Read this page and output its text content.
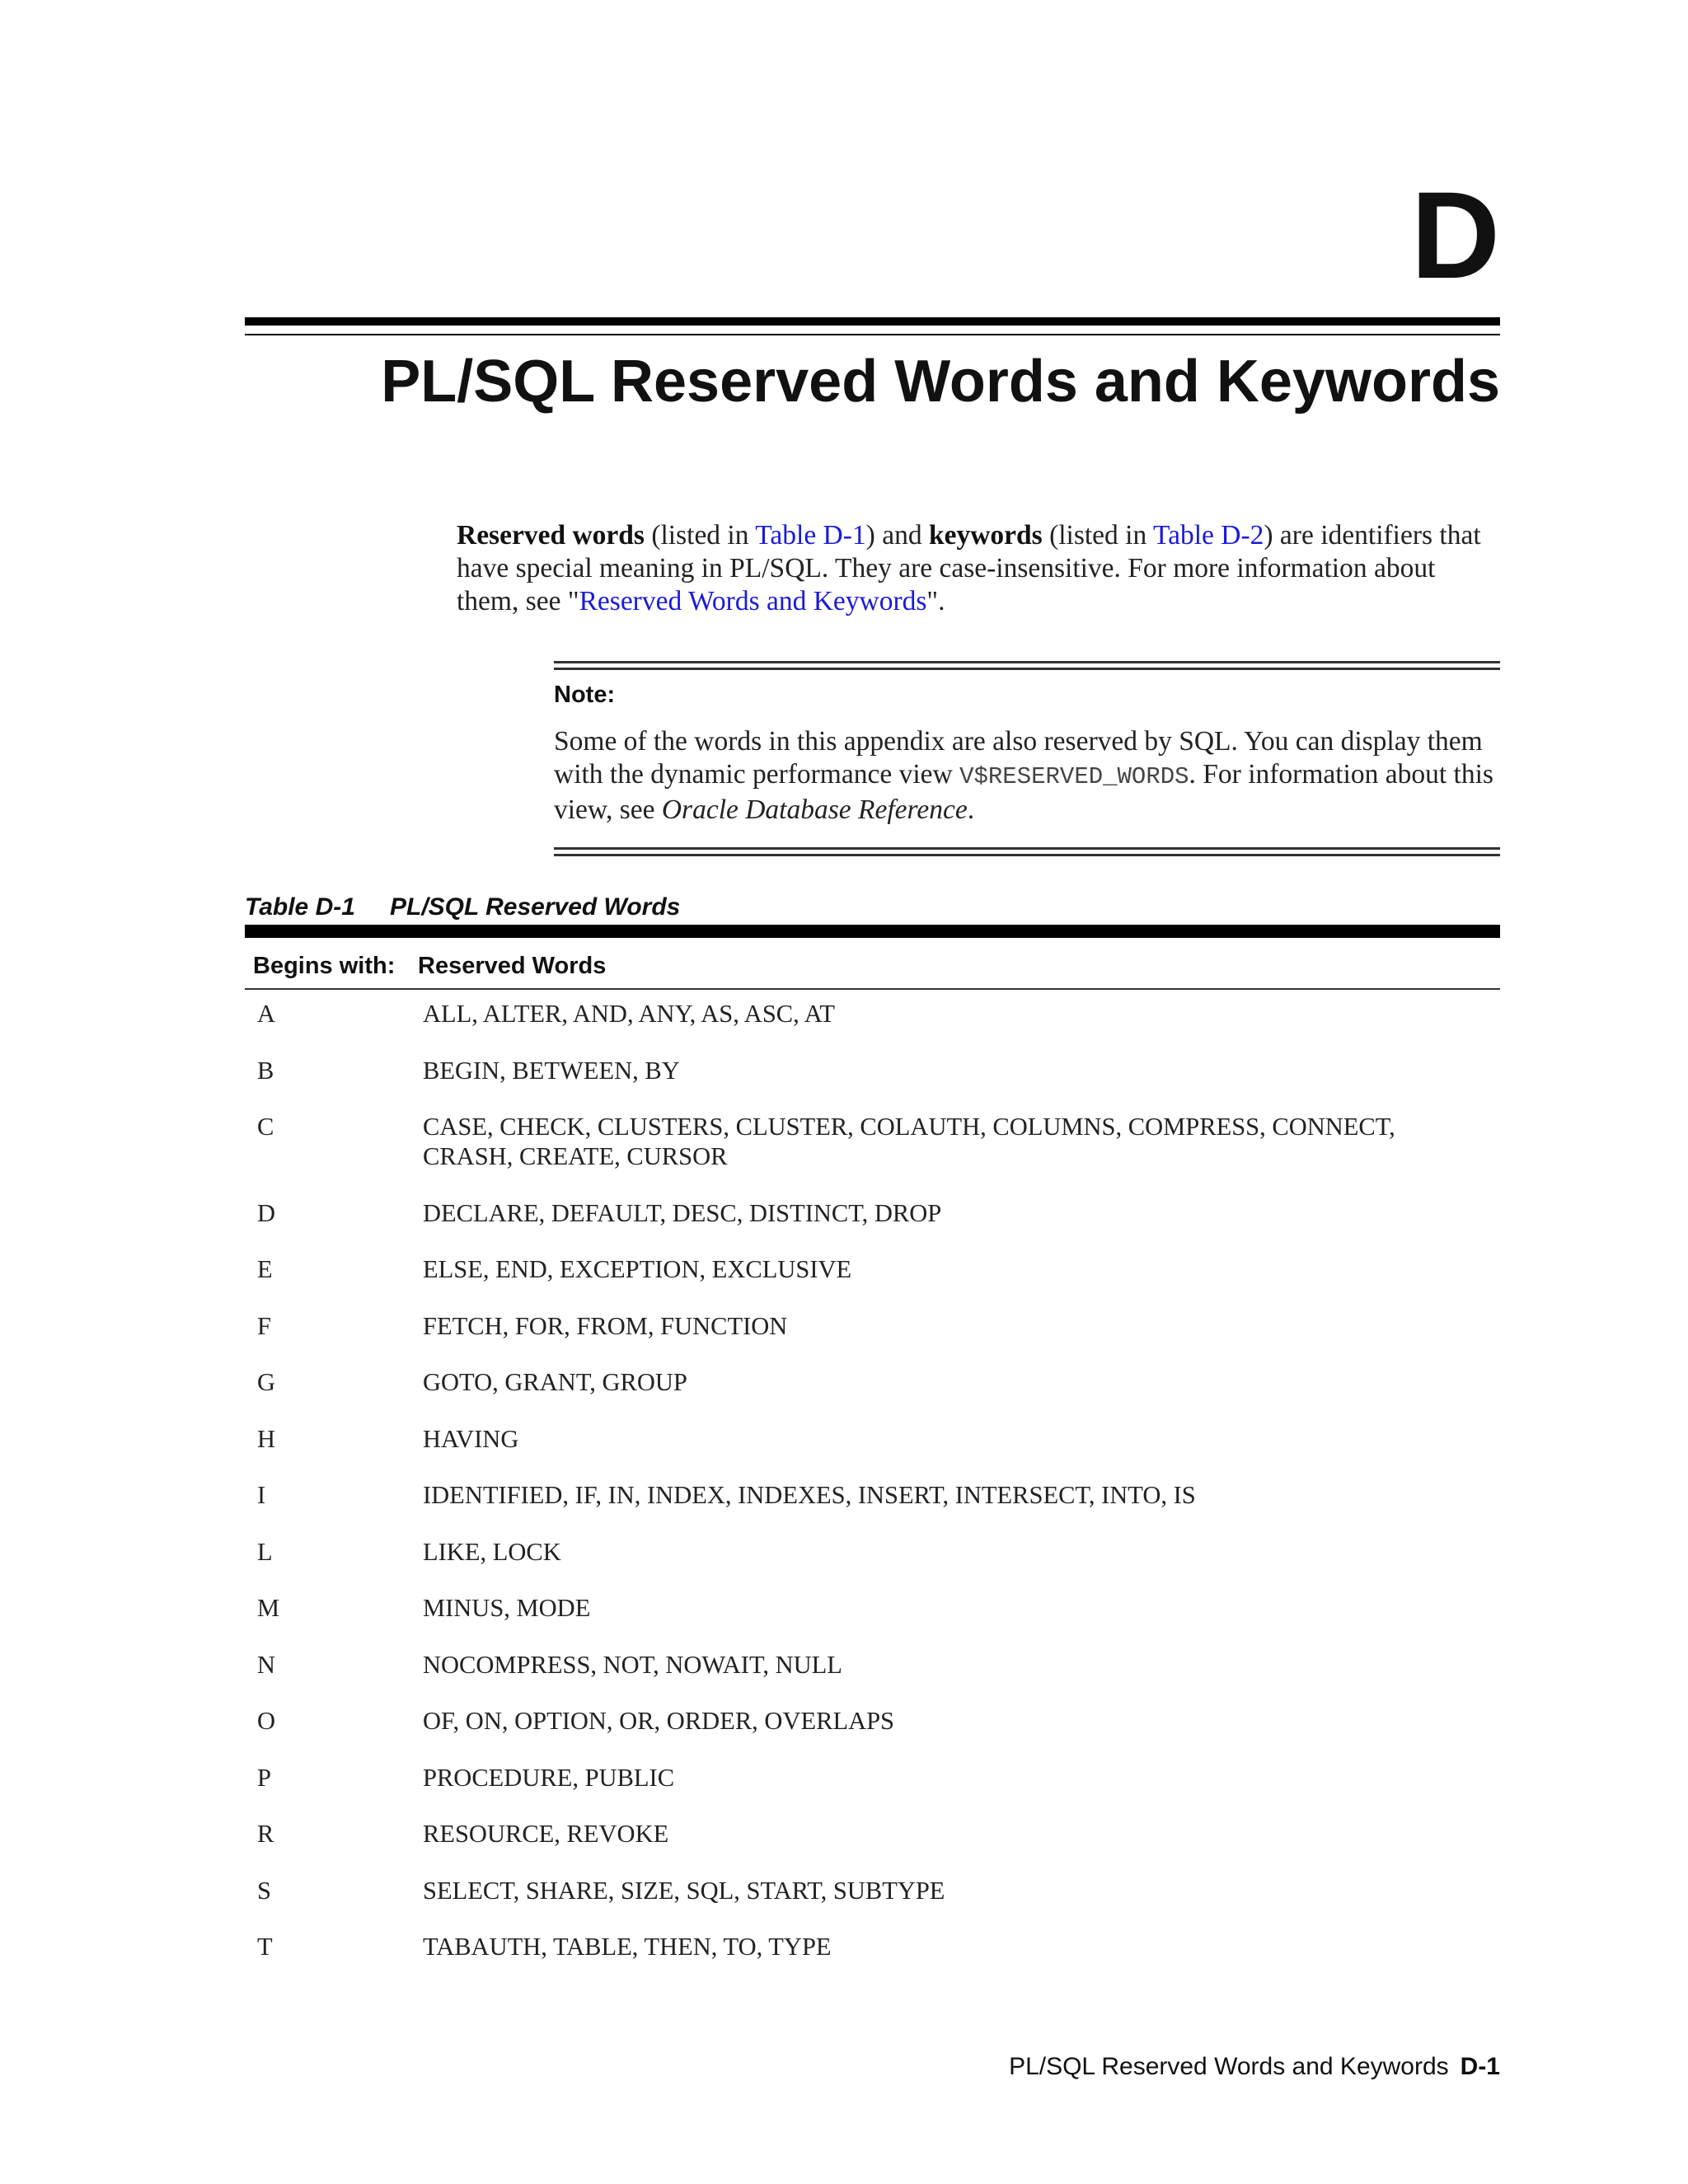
D
PL/SQL Reserved Words and Keywords

Reserved words (listed in Table D-1) and keywords (listed in Table D-2) are identifiers that have special meaning in PL/SQL. They are case-insensitive. For more information about them, see "Reserved Words and Keywords".

Note:

Some of the words in this appendix are also reserved by SQL. You can display them with the dynamic performance view V$RESERVED_WORDS. For information about this view, see Oracle Database Reference.

Table D-1 PL/SQL Reserved Words
Begins with: Reserved Words
A	ALL, ALTER, AND, ANY, AS, ASC, AT
B	BEGIN, BETWEEN, BY
C	CASE, CHECK, CLUSTERS, CLUSTER, COLAUTH, COLUMNS, COMPRESS, CONNECT, CRASH, CREATE, CURSOR
D	DECLARE, DEFAULT, DESC, DISTINCT, DROP
E	ELSE, END, EXCEPTION, EXCLUSIVE
F	FETCH, FOR, FROM, FUNCTION
G	GOTO, GRANT, GROUP
H	HAVING
I	IDENTIFIED, IF, IN, INDEX, INDEXES, INSERT, INTERSECT, INTO, IS
L	LIKE, LOCK
M	MINUS, MODE
N	NOCOMPRESS, NOT, NOWAIT, NULL
O	OF, ON, OPTION, OR, ORDER, OVERLAPS
P	PROCEDURE, PUBLIC
R	RESOURCE, REVOKE
S	SELECT, SHARE, SIZE, SQL, START, SUBTYPE
T	TABAUTH, TABLE, THEN, TO, TYPE
PL/SQL Reserved Words and Keywords D-1
